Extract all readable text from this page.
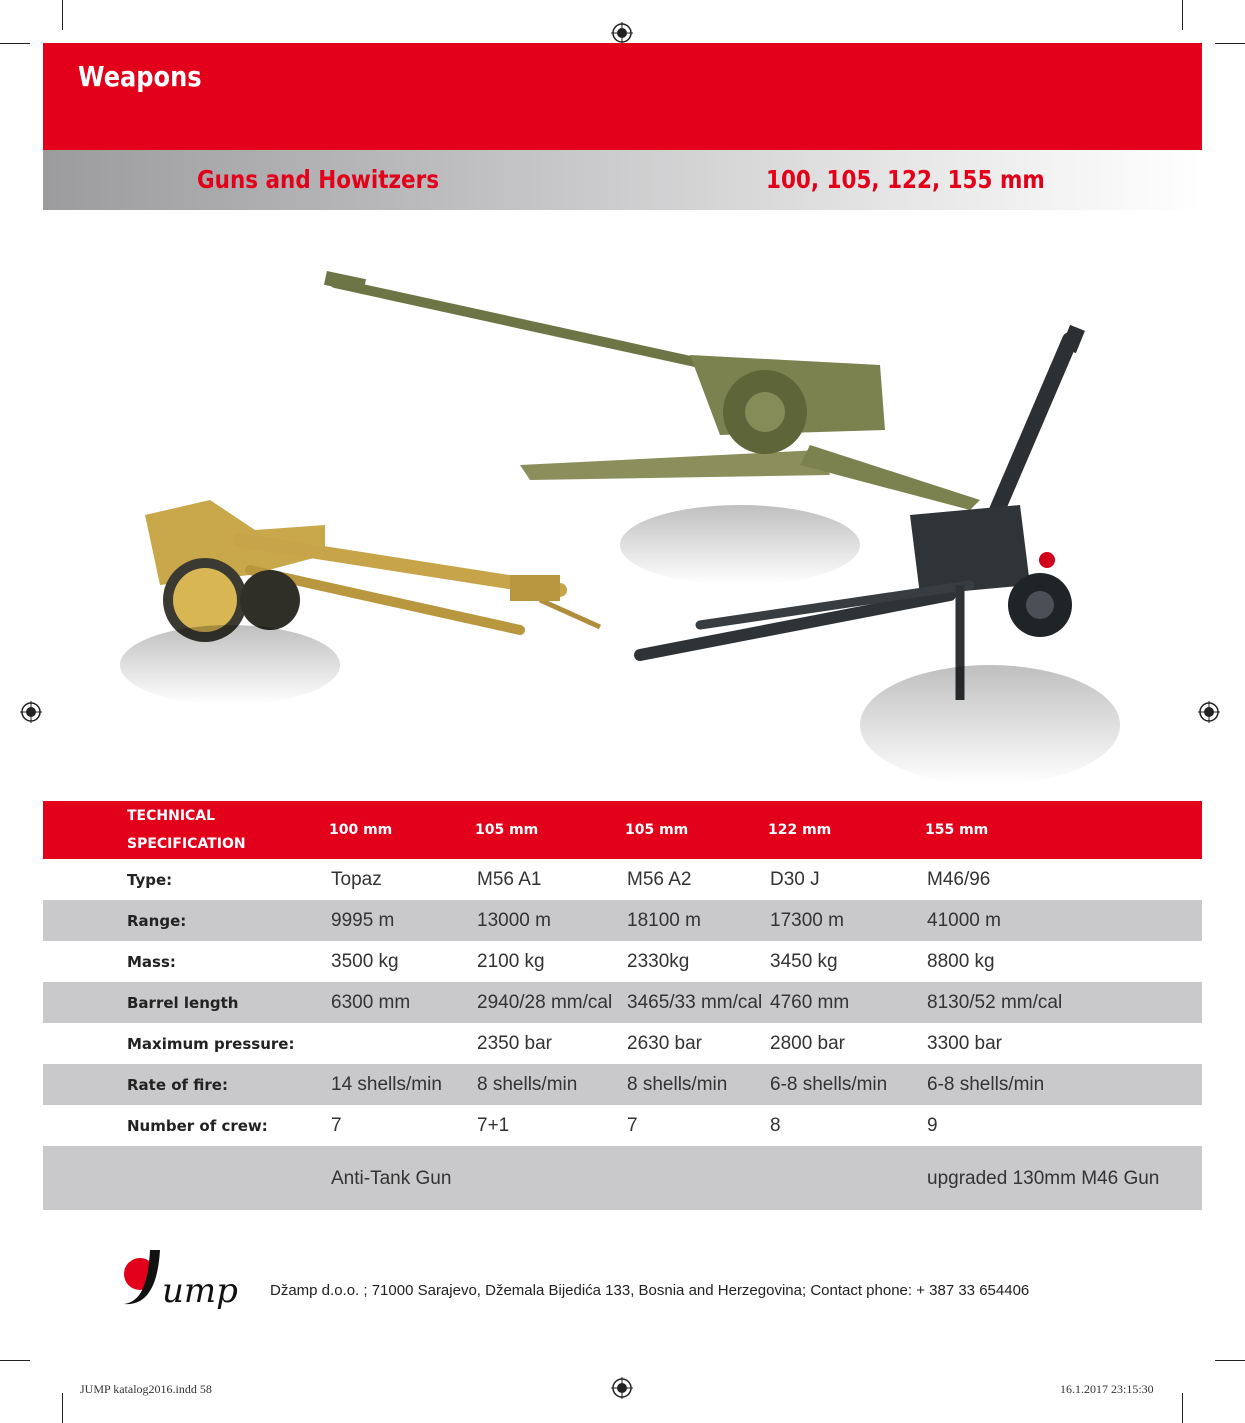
Weapons
Guns and Howitzers	100, 105, 122, 155 mm
TECHNICAL
SPECIFICATION	100 mm	105 mm	105 mm	122 mm	155 mm
Type:	Topaz	M56 A1	M56 A2	D30 J	M46/96
Range:	9995 m	13000 m	18100 m	17300 m	41000 m
Mass:	3500 kg	2100 kg	2330kg	3450 kg	8800 kg
Barrel length	6300 mm	2940/28 mm/cal	3465/33 mm/cal	4760 mm	8130/52 mm/cal
Maximum pressure:		2350 bar	2630 bar	2800 bar	3300 bar
Rate of fire:	14 shells/min	8 shells/min	8 shells/min	6-8 shells/min	6-8 shells/min
Number of crew:	7	7+1	7	8	9
	Anti-Tank Gun				upgraded 130mm M46 Gun
ump Džamp d.o.o. ; 71000 Sarajevo, Džemala Bijedića 133, Bosnia and Herzegovina; Contact phone: + 387 33 654406
JUMP katalog2016.indd 58	16.1.2017 23:15:30
